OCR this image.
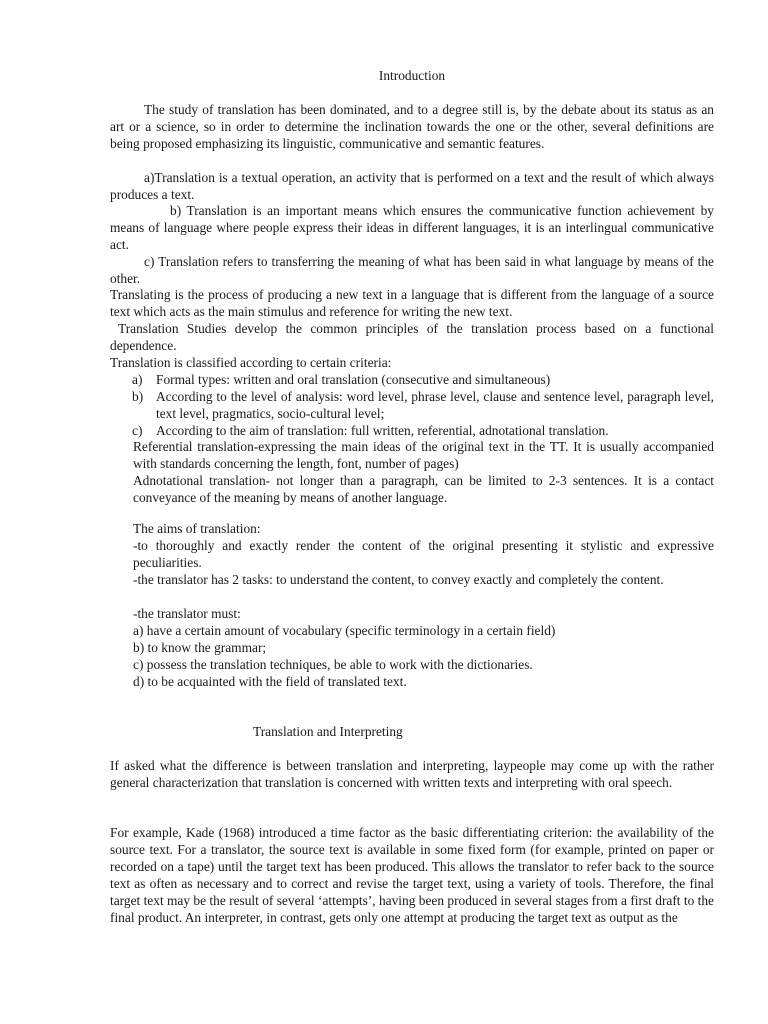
Introduction

The study of translation has been dominated, and to a degree still is, by the debate about its status as an art or a science, so in order to determine the inclination towards the one or the other, several definitions are being proposed emphasizing its linguistic, communicative and semantic features.

a)Translation is a textual operation, an activity that is performed on a text and the result of which always produces a text.

b) Translation is an important means which ensures the communicative function achievement by means of language where people express their ideas in different languages, it is an interlingual communicative act.

c) Translation refers to transferring the meaning of what has been said in what language by means of the other.

Translating is the process of producing a new text in a language that is different from the language of a source text which acts as the main stimulus and reference for writing the new text.

Translation Studies develop the common principles of the translation process based on a functional dependence.

Translation is classified according to certain criteria:

a) Formal types: written and oral translation (consecutive and simultaneous)
b) According to the level of analysis: word level, phrase level, clause and sentence level, paragraph level, text level, pragmatics, socio-cultural level;
c) According to the aim of translation: full written, referential, adnotational translation.

Referential translation-expressing the main ideas of the original text in the TT. It is usually accompanied with standards concerning the length, font, number of pages)

Adnotational translation- not longer than a paragraph, can be limited to 2-3 sentences. It is a contact conveyance of the meaning by means of another language.

The aims of translation:

-to thoroughly and exactly render the content of the original presenting it stylistic and expressive peculiarities.

-the translator has 2 tasks: to understand the content, to convey exactly and completely the content.

-the translator must:

a) have a certain amount of vocabulary (specific terminology in a certain field)

b) to know the grammar;

c) possess the translation techniques, be able to work with the dictionaries.

d) to be acquainted with the field of translated text.

Translation and Interpreting

If asked what the difference is between translation and interpreting, laypeople may come up with the rather general characterization that translation is concerned with written texts and interpreting with oral speech.

For example, Kade (1968) introduced a time factor as the basic differentiating criterion: the availability of the source text. For a translator, the source text is available in some fixed form (for example, printed on paper or recorded on a tape) until the target text has been produced. This allows the translator to refer back to the source text as often as necessary and to correct and revise the target text, using a variety of tools. Therefore, the final target text may be the result of several ‘attempts’, having been produced in several stages from a first draft to the final product. An interpreter, in contrast, gets only one attempt at producing the target text as output as the
